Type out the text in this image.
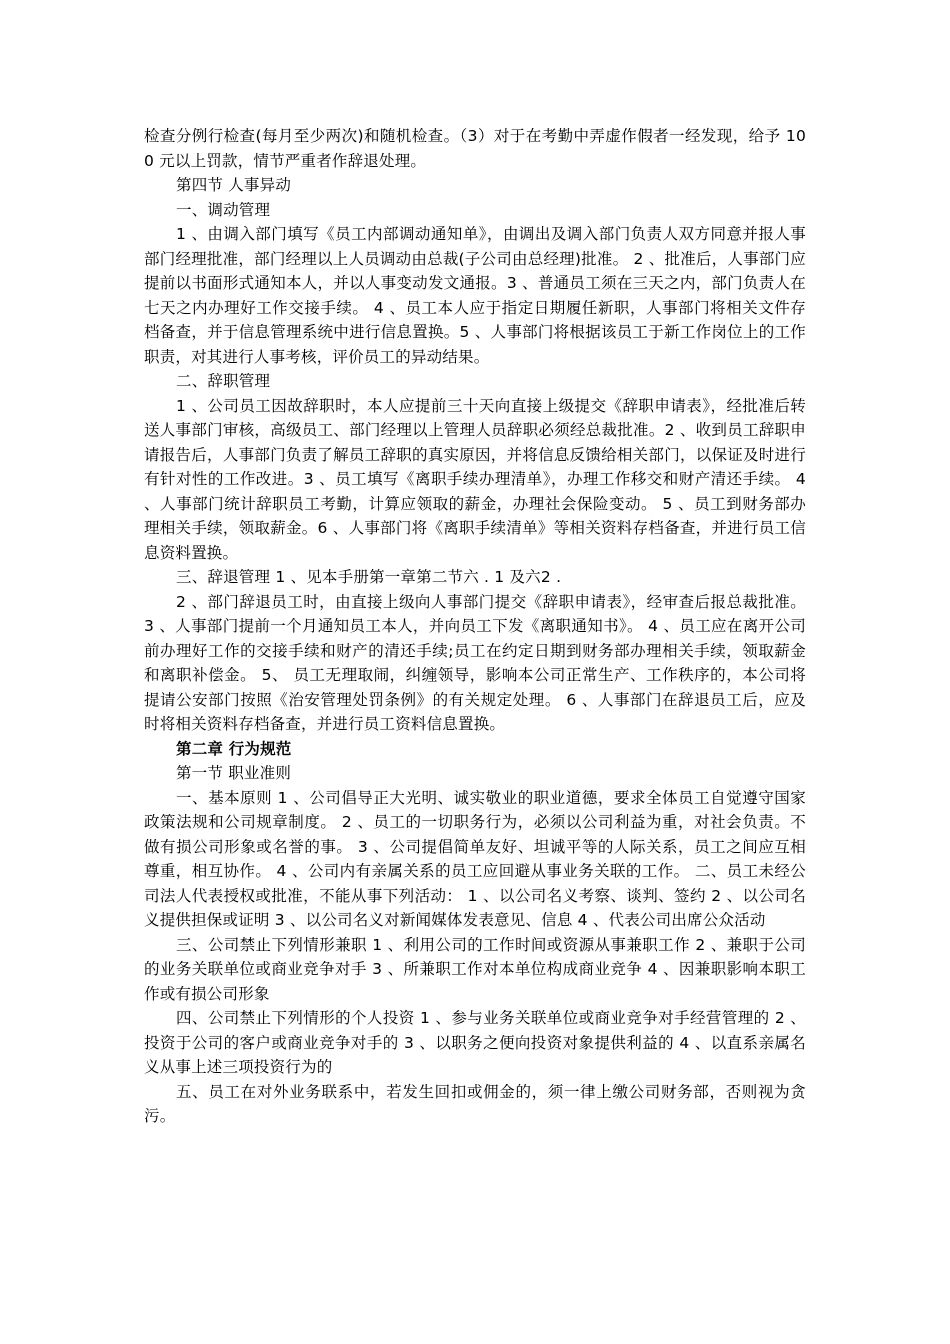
检查分例行检查(每月至少两次)和随机检查。（3）对于在考勤中弄虚作假者一经发现，给予 100 元以上罚款，情节严重者作辞退处理。

第四节 人事异动

一、调动管理

1 、由调入部门填写《员工内部调动通知单》，由调出及调入部门负责人双方同意并报人事部门经理批准，部门经理以上人员调动由总裁(子公司由总经理)批准。 2 、批准后，人事部门应提前以书面形式通知本人，并以人事变动发文通报。3 、普通员工须在三天之内，部门负责人在七天之内办理好工作交接手续。 4 、员工本人应于指定日期履任新职，人事部门将相关文件存档备查，并于信息管理系统中进行信息置换。5 、人事部门将根据该员工于新工作岗位上的工作职责，对其进行人事考核，评价员工的异动结果。

二、辞职管理

1 、公司员工因故辞职时，本人应提前三十天向直接上级提交《辞职申请表》，经批准后转送人事部门审核，高级员工、部门经理以上管理人员辞职必须经总裁批准。2 、收到员工辞职申请报告后，人事部门负责了解员工辞职的真实原因，并将信息反馈给相关部门，以保证及时进行有针对性的工作改进。3 、员工填写《离职手续办理清单》，办理工作移交和财产清还手续。 4 、人事部门统计辞职员工考勤，计算应领取的薪金，办理社会保险变动。 5 、员工到财务部办理相关手续，领取薪金。6 、人事部门将《离职手续清单》等相关资料存档备查，并进行员工信息资料置换。

三、辞退管理 1 、见本手册第一章第二节六 . 1 及六2 .

2 、部门辞退员工时，由直接上级向人事部门提交《辞职申请表》，经审查后报总裁批准。 3 、人事部门提前一个月通知员工本人，并向员工下发《离职通知书》。 4 、员工应在离开公司前办理好工作的交接手续和财产的清还手续;员工在约定日期到财务部办理相关手续，领取薪金和离职补偿金。 5、 员工无理取闹，纠缠领导，影响本公司正常生产、工作秩序的，本公司将提请公安部门按照《治安管理处罚条例》的有关规定处理。 6 、人事部门在辞退员工后，应及时将相关资料存档备查，并进行员工资料信息置换。

第二章 行为规范

第一节 职业准则

一、基本原则 1 、公司倡导正大光明、诚实敬业的职业道德，要求全体员工自觉遵守国家政策法规和公司规章制度。 2 、员工的一切职务行为，必须以公司利益为重，对社会负责。不做有损公司形象或名誉的事。 3 、公司提倡简单友好、坦诚平等的人际关系，员工之间应互相尊重，相互协作。 4 、公司内有亲属关系的员工应回避从事业务关联的工作。 二、员工未经公司法人代表授权或批准，不能从事下列活动： 1 、以公司名义考察、谈判、签约 2 、以公司名义提供担保或证明 3 、以公司名义对新闻媒体发表意见、信息 4 、代表公司出席公众活动

三、公司禁止下列情形兼职 1 、利用公司的工作时间或资源从事兼职工作 2 、兼职于公司的业务关联单位或商业竞争对手 3 、所兼职工作对本单位构成商业竞争 4 、因兼职影响本职工作或有损公司形象

四、公司禁止下列情形的个人投资 1 、参与业务关联单位或商业竞争对手经营管理的 2 、投资于公司的客户或商业竞争对手的 3 、以职务之便向投资对象提供利益的 4 、以直系亲属名义从事上述三项投资行为的

五、员工在对外业务联系中，若发生回扣或佣金的，须一律上缴公司财务部，否则视为贪污。
